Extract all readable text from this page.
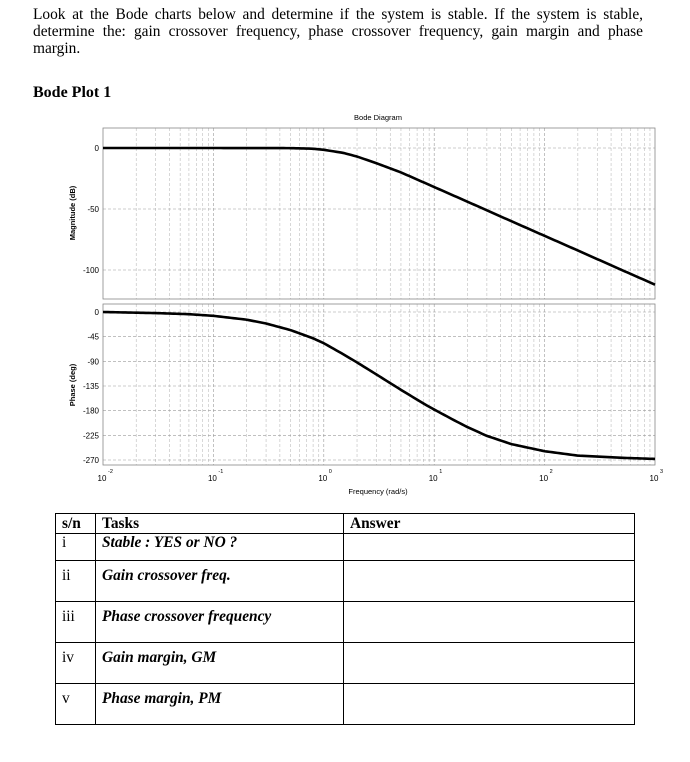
Look at the Bode charts below and determine if the system is stable. If the system is stable, determine the: gain crossover frequency, phase crossover frequency, gain margin and phase margin.

Bode Plot 1

Bode Diagram
Frequency (rad/s)
Magnitude (dB)
Phase (deg)
0
-50
-100
0
-45
-90
-135
-180
-225
-270
10
-2
10
-1
10
0
10
1
10
2
10
3
s/n	Tasks	Answer
i	Stable : YES or NO ?	
ii	Gain crossover freq.	
iii	Phase crossover frequency	
iv	Gain margin, GM	
v	Phase margin, PM	
